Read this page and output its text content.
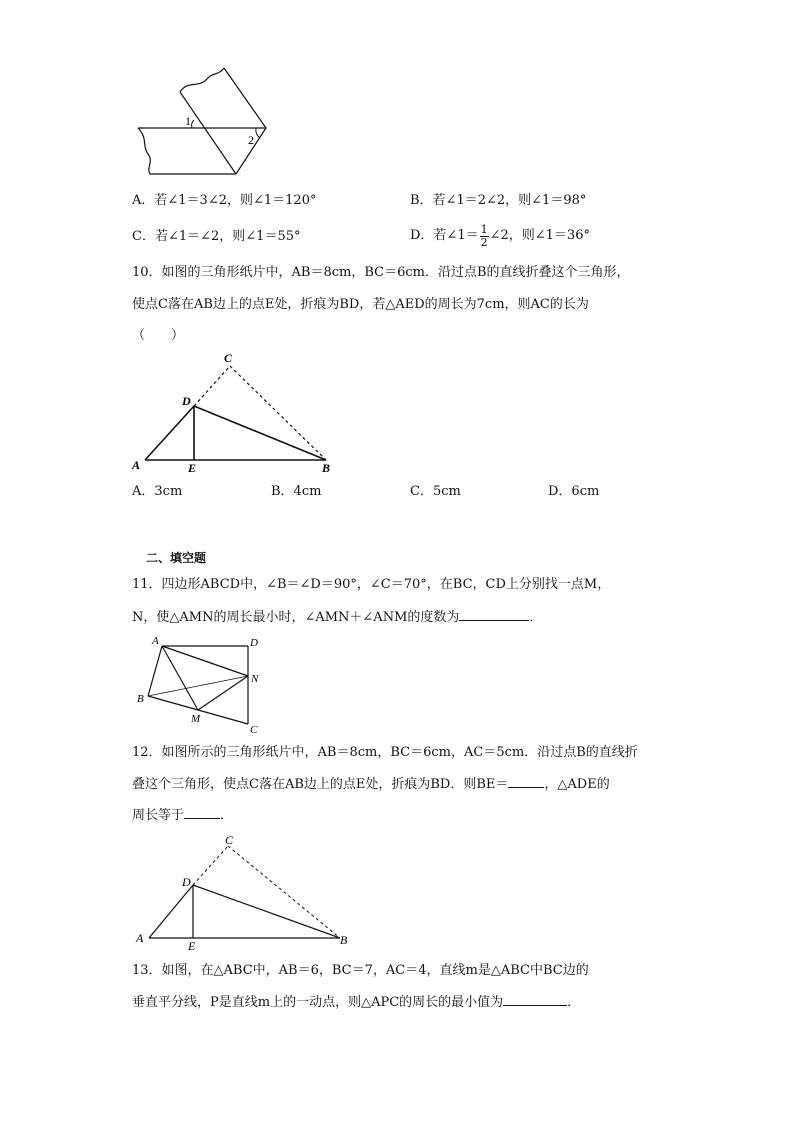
1
2
A．若∠1＝3∠2，则∠1＝120°	B．若∠1＝2∠2，则∠1＝98°
C．若∠1＝∠2，则∠1＝55°	D．若∠1＝ $\frac{1}{2}$ ∠2，则∠1＝36°
10．如图的三角形纸片中，AB＝8cm，BC＝6cm．沿过点B的直线折叠这个三角形，
使点C落在AB边上的点E处，折痕为BD，若△AED的周长为7cm，则AC的长为
（　　）
C
D
A	E	B
A．3cm	B．4cm	C．5cm	D．6cm
二、填空题
11．四边形ABCD中，∠B＝∠D＝90°，∠C＝70°，在BC，CD上分别找一点M，
N，使△AMN的周长最小时，∠AMN＋∠ANM的度数为	．
A	D
N
B
M
C
12．如图所示的三角形纸片中，AB＝8cm，BC＝6cm，AC＝5cm．沿过点B的直线折
叠这个三角形，使点C落在AB边上的点E处，折痕为BD．则BE＝	，△ADE的
周长等于	．
C
D
A
E	B
13．如图，在△ABC中，AB＝6，BC＝7，AC＝4，直线m是△ABC中BC边的
垂直平分线，P是直线m上的一动点，则△APC的周长的最小值为	．
